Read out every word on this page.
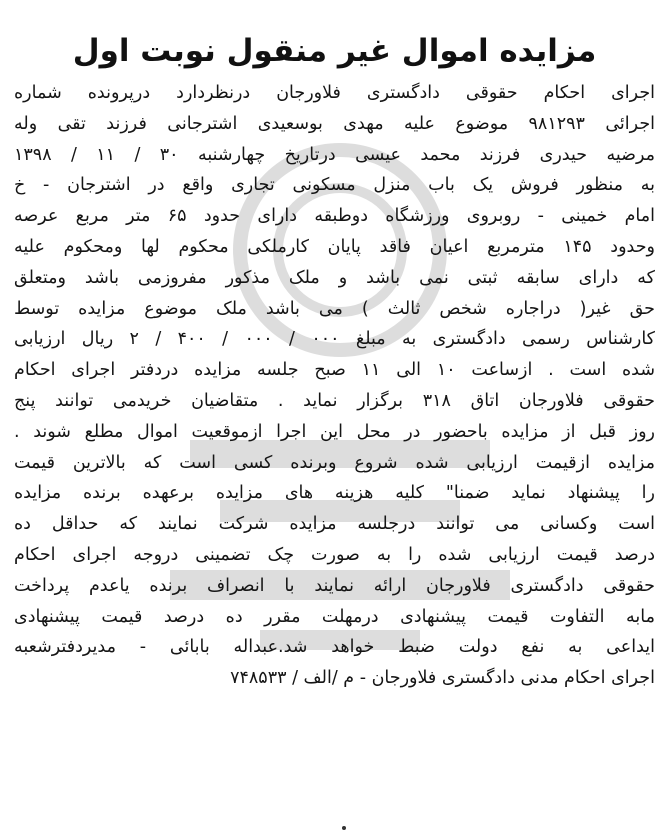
مزایده اموال غیر منقول نوبت اول
اجرای احکام حقوقی دادگستری فلاورجان درنظردارد درپرونده شماره
اجرائی ۹۸۱۲۹۳ موضوع علیه مهدی بوسعیدی اشترجانی فرزند تقی وله
مرضیه حیدری فرزند محمد عیسی درتاریخ چهارشنبه ۳۰ / ۱۱ / ۱۳۹۸
به منظور فروش یک باب منزل مسکونی تجاری واقع در اشترجان - خ
امام خمینی - روبروی ورزشگاه دوطبقه دارای حدود ۶۵ متر مربع عرصه
وحدود ۱۴۵ مترمربع اعیان فاقد پایان کارملکی محکوم لها ومحکوم علیه
که دارای سابقه ثبتی نمی باشد و ملک مذکور مفروزمی باشد ومتعلق
حق غیر( دراجاره شخص ثالث ) می باشد ملک موضوع مزایده توسط
کارشناس رسمی دادگستری به مبلغ ۰۰۰ / ۰۰۰ / ۴۰۰ / ۲ ریال ارزیابی
شده است . ازساعت ۱۰ الی ۱۱ صبح جلسه مزایده دردفتر اجرای احکام
حقوقی فلاورجان اتاق ۳۱۸ برگزار نماید . متقاضیان خریدمی توانند پنج
روز قبل از مزایده باحضور در محل این اجرا ازموقعیت اموال مطلع شوند .
مزایده ازقیمت ارزیابی شده شروع وبرنده کسی است که بالاترین قیمت
را پیشنهاد نماید ضمنا" کلیه هزینه های مزایده برعهده برنده مزایده
است وکسانی می توانند درجلسه مزایده شرکت نمایند که حداقل ده
درصد قیمت ارزیابی شده را به صورت چک تضمینی دروجه اجرای احکام
حقوقی دادگستری فلاورجان ارائه نمایند با انصراف برنده یاعدم پرداخت
مابه التفاوت قیمت پیشنهادی درمهلت مقرر ده درصد قیمت پیشنهادی
ایداعی به نفع دولت ضبط خواهد شد.عبداله بابائی - مدیردفترشعبه
اجرای احکام مدنی دادگستری فلاورجان - م /الف / ۷۴۸۵۳۳
